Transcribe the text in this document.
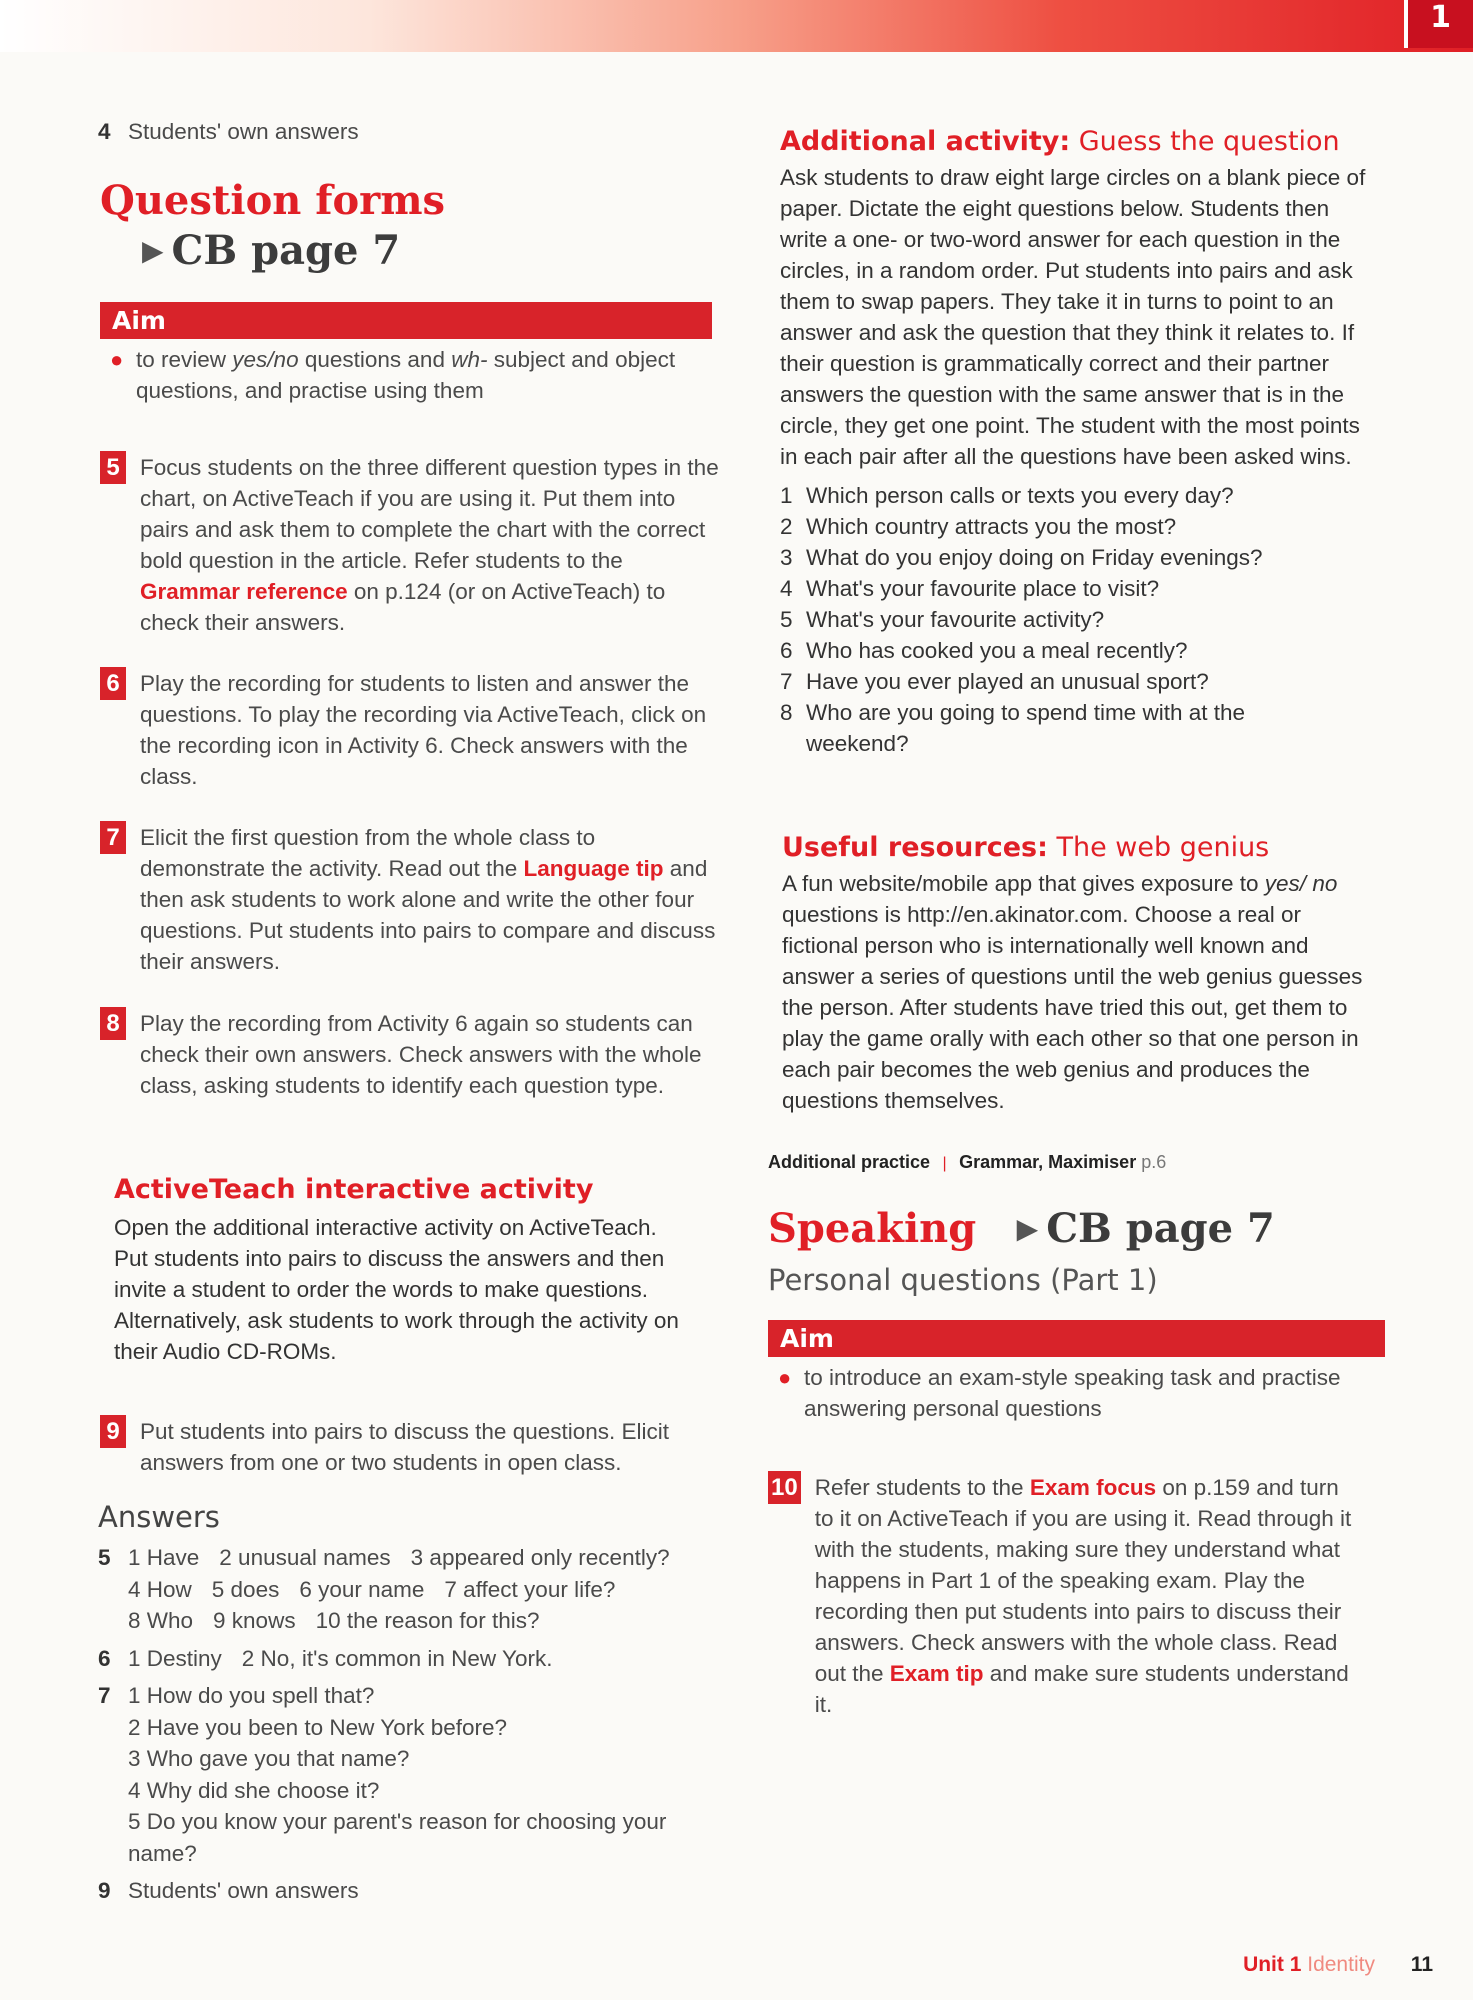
1
4 Students' own answers
Question forms
▶ CB page 7
Aim
● to review yes/no questions and wh- subject and object questions, and practise using them

5 Focus students on the three different question types in the chart, on ActiveTeach if you are using it. Put them into pairs and ask them to complete the chart with the correct bold question in the article. Refer students to the Grammar reference on p.124 (or on ActiveTeach) to check their answers.

6 Play the recording for students to listen and answer the questions. To play the recording via ActiveTeach, click on the recording icon in Activity 6. Check answers with the class.

7 Elicit the first question from the whole class to demonstrate the activity. Read out the Language tip and then ask students to work alone and write the other four questions. Put students into pairs to compare and discuss their answers.

8 Play the recording from Activity 6 again so students can check their own answers. Check answers with the whole class, asking students to identify each question type.

ActiveTeach interactive activity

Open the additional interactive activity on ActiveTeach. Put students into pairs to discuss the answers and then invite a student to order the words to make questions. Alternatively, ask students to work through the activity on their Audio CD-ROMs.

9 Put students into pairs to discuss the questions. Elicit answers from one or two students in open class.

Answers
5 1 Have 2 unusual names 3 appeared only recently?
4 How 5 does 6 your name 7 affect your life?
8 Who 9 knows 10 the reason for this?
6 1 Destiny 2 No, it's common in New York.
7 1 How do you spell that?
2 Have you been to New York before?
3 Who gave you that name?
4 Why did she choose it?
5 Do you know your parent's reason for choosing your name?
9 Students' own answers
Additional activity: Guess the question

Ask students to draw eight large circles on a blank piece of paper. Dictate the eight questions below. Students then write a one- or two-word answer for each question in the circles, in a random order. Put students into pairs and ask them to swap papers. They take it in turns to point to an answer and ask the question that they think it relates to. If their question is grammatically correct and their partner answers the question with the same answer that is in the circle, they get one point. The student with the most points in each pair after all the questions have been asked wins.

1 Which person calls or texts you every day?
2 Which country attracts you the most?
3 What do you enjoy doing on Friday evenings?
4 What's your favourite place to visit?
5 What's your favourite activity?
6 Who has cooked you a meal recently?
7 Have you ever played an unusual sport?
8 Who are you going to spend time with at the weekend?
Useful resources: The web genius

A fun website/mobile app that gives exposure to yes/ no questions is http://en.akinator.com. Choose a real or fictional person who is internationally well known and answer a series of questions until the web genius guesses the person. After students have tried this out, get them to play the game orally with each other so that one person in each pair becomes the web genius and produces the questions themselves.

Additional practice | Grammar, Maximiser p.6
Speaking ▶ CB page 7
Personal questions (Part 1)
Aim
● to introduce an exam-style speaking task and practise answering personal questions

10 Refer students to the Exam focus on p.159 and turn to it on ActiveTeach if you are using it. Read through it with the students, making sure they understand what happens in Part 1 of the speaking exam. Play the recording then put students into pairs to discuss their answers. Check answers with the whole class. Read out the Exam tip and make sure students understand it.

Unit 1 Identity 11
